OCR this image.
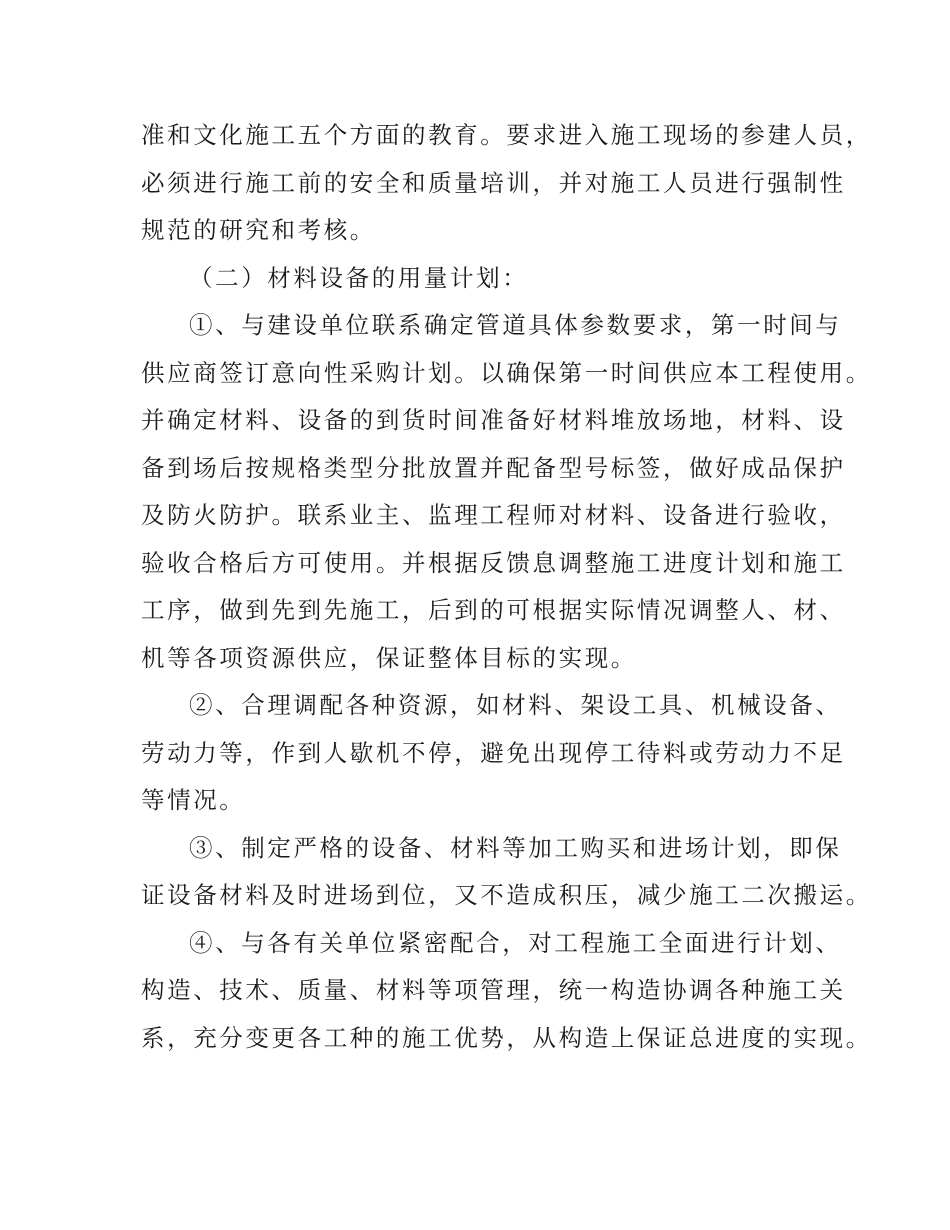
准和文化施工五个方面的教育。要求进入施工现场的参建人员，
必须进行施工前的安全和质量培训，并对施工人员进行强制性
规范的研究和考核。
（二）材料设备的用量计划：
①、与建设单位联系确定管道具体参数要求，第一时间与
供应商签订意向性采购计划。以确保第一时间供应本工程使用。
并确定材料、设备的到货时间准备好材料堆放场地，材料、设
备到场后按规格类型分批放置并配备型号标签，做好成品保护
及防火防护。联系业主、监理工程师对材料、设备进行验收，
验收合格后方可使用。并根据反馈息调整施工进度计划和施工
工序，做到先到先施工，后到的可根据实际情况调整人、材、
机等各项资源供应，保证整体目标的实现。
②、合理调配各种资源，如材料、架设工具、机械设备、
劳动力等，作到人歇机不停，避免出现停工待料或劳动力不足
等情况。
③、制定严格的设备、材料等加工购买和进场计划，即保
证设备材料及时进场到位，又不造成积压，减少施工二次搬运。
④、与各有关单位紧密配合，对工程施工全面进行计划、
构造、技术、质量、材料等项管理，统一构造协调各种施工关
系，充分变更各工种的施工优势，从构造上保证总进度的实现。
